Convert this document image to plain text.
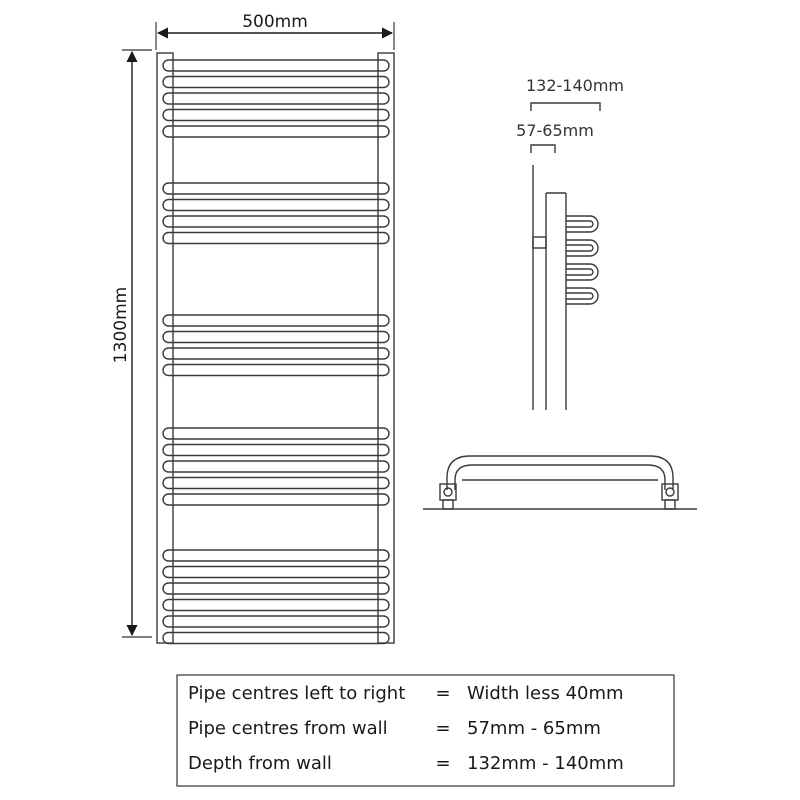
500mm
1300mm
132-140mm
57-65mm
Pipe centres left to right = Width less 40mm
Pipe centres from wall	= 57mm - 65mm
Depth from wall	= 132mm - 140mm
